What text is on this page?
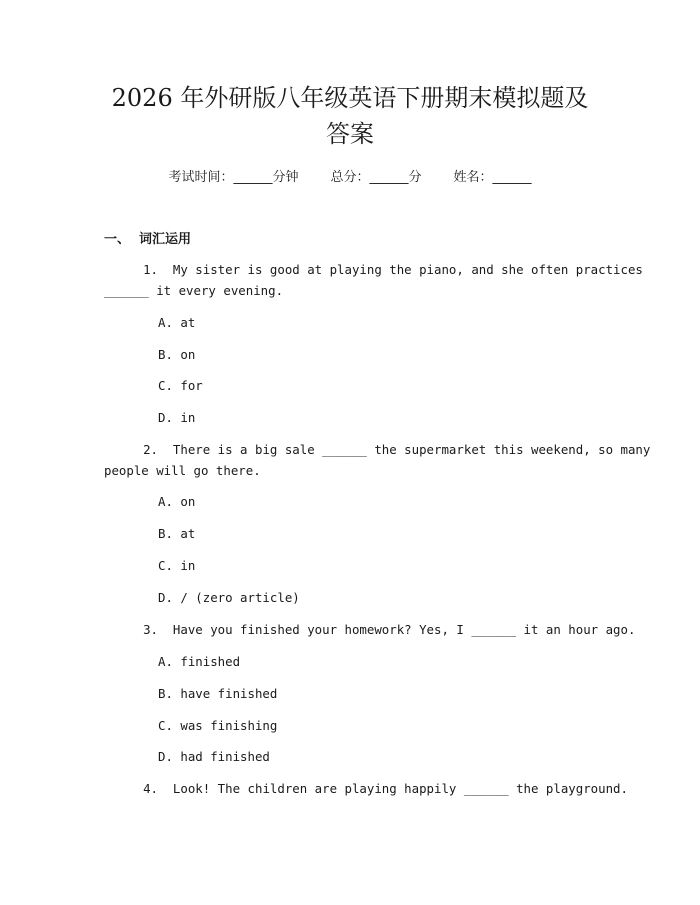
2026 年外研版八年级英语下册期末模拟题及
答案
考试时间：______分钟 总分：______分 姓名：______
一、  词汇运用
1. My sister is good at playing the piano, and she often practices
______ it every evening.
A. at
B. on
C. for
D. in
2. There is a big sale ______ the supermarket this weekend, so many
people will go there.
A. on
B. at
C. in
D. / (zero article)
3. Have you finished your homework? Yes, I ______ it an hour ago.
A. finished
B. have finished
C. was finishing
D. had finished
4. Look! The children are playing happily ______ the playground.
